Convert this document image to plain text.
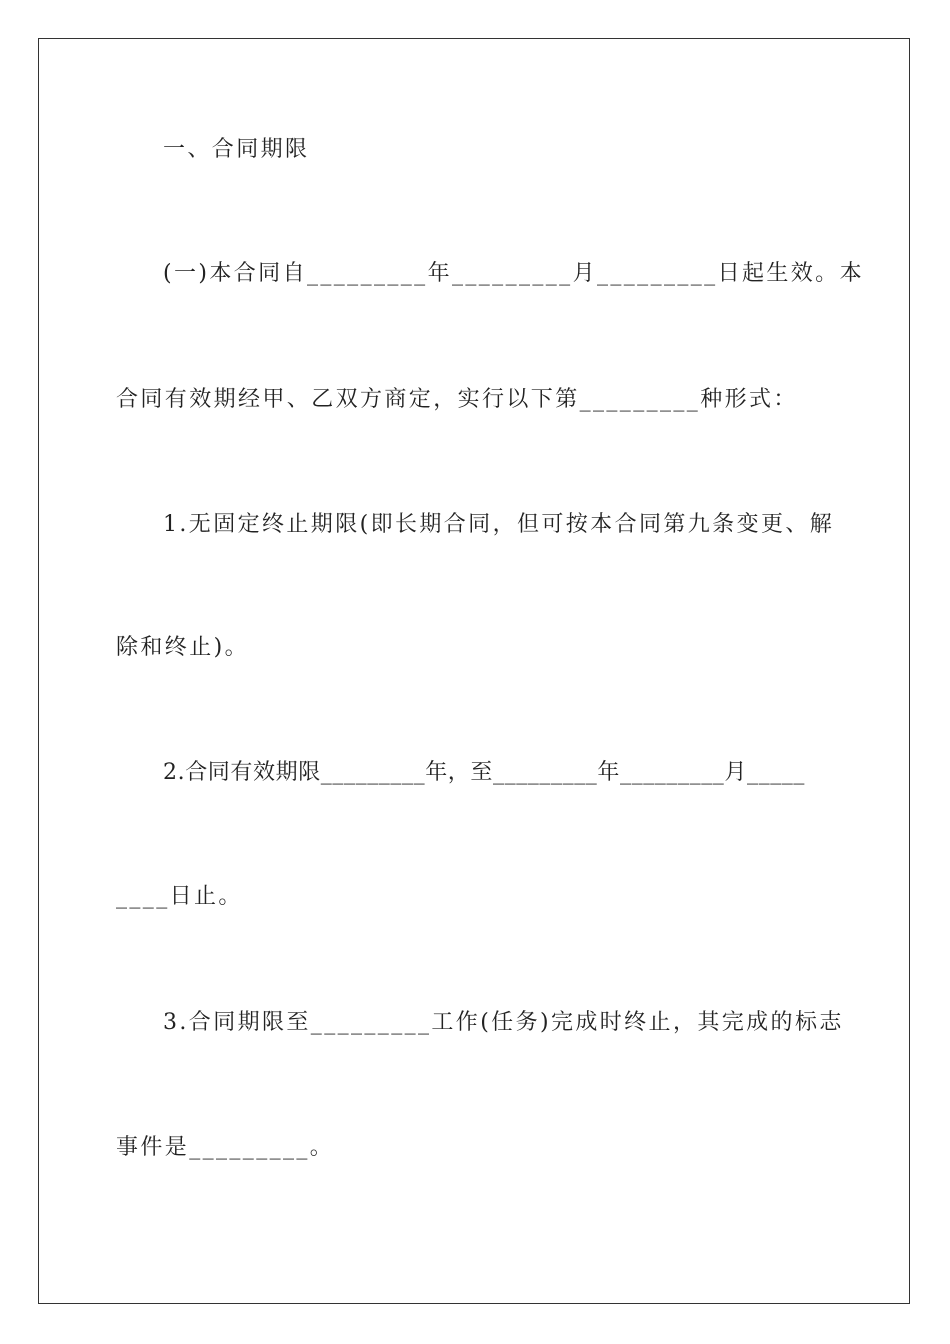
一、合同期限
(一)本合同自_________年_________月_________日起生效。本
合同有效期经甲、乙双方商定，实行以下第_________种形式：
1.无固定终止期限(即长期合同，但可按本合同第九条变更、解
除和终止)。
2.合同有效期限_________年，至_________年_________月_____
____日止。
3.合同期限至_________工作(任务)完成时终止，其完成的标志
事件是_________。
